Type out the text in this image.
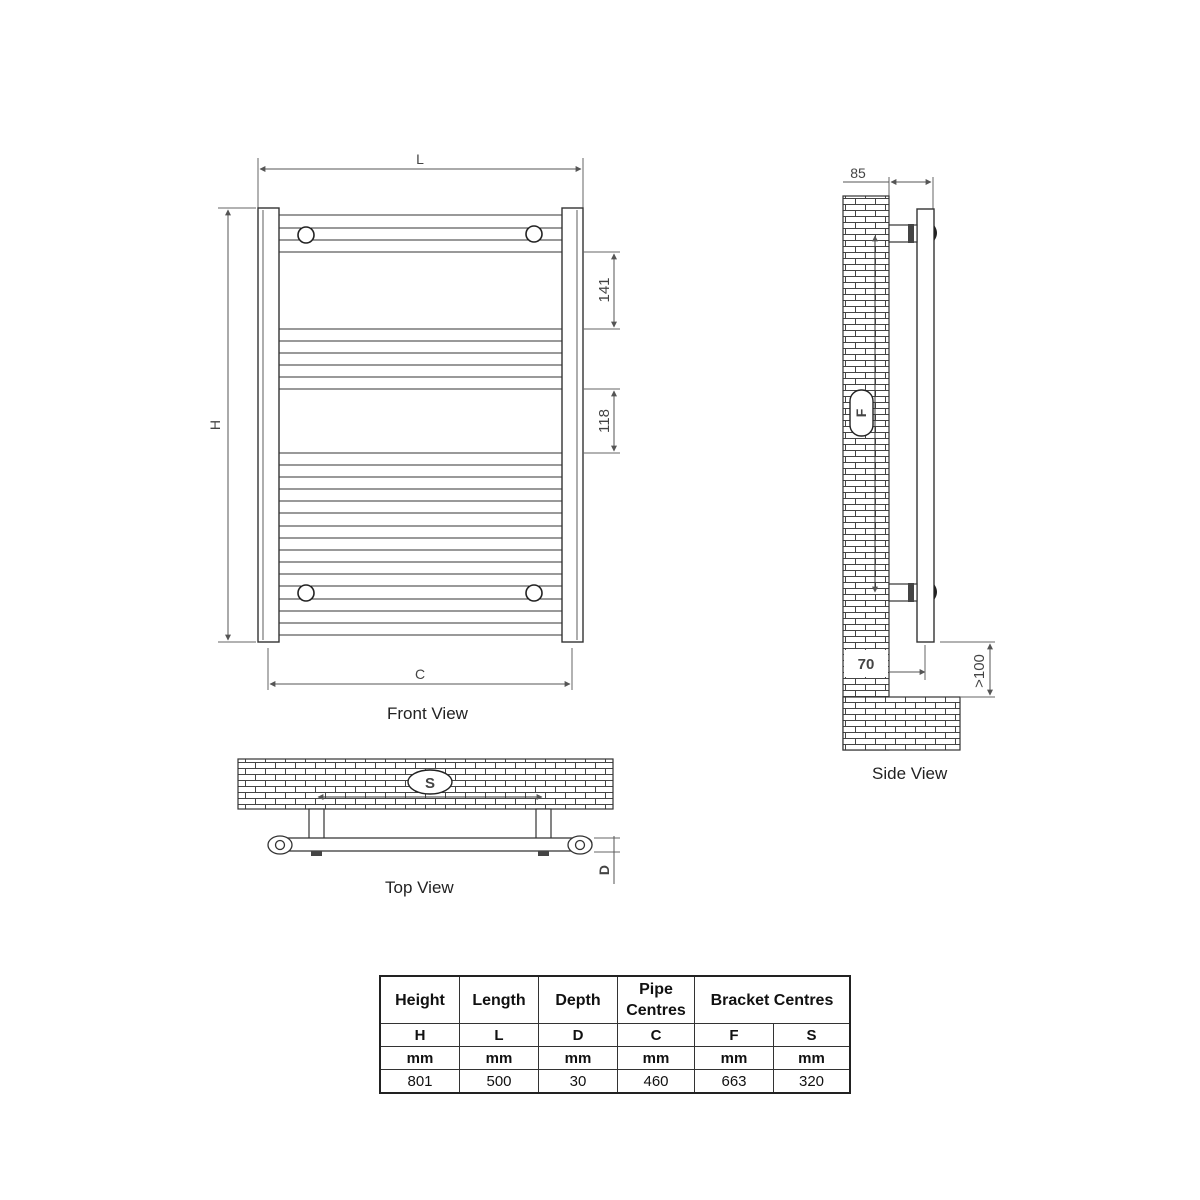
L
H
141
118
C
S
D
85
F
70	>100
Front View
Top View
Side View
Height	Length	Depth	Pipe Centres	Bracket Centres	
H	L	D	C	F	S
mm	mm	mm	mm	mm	mm
801	500	30	460	663	320
